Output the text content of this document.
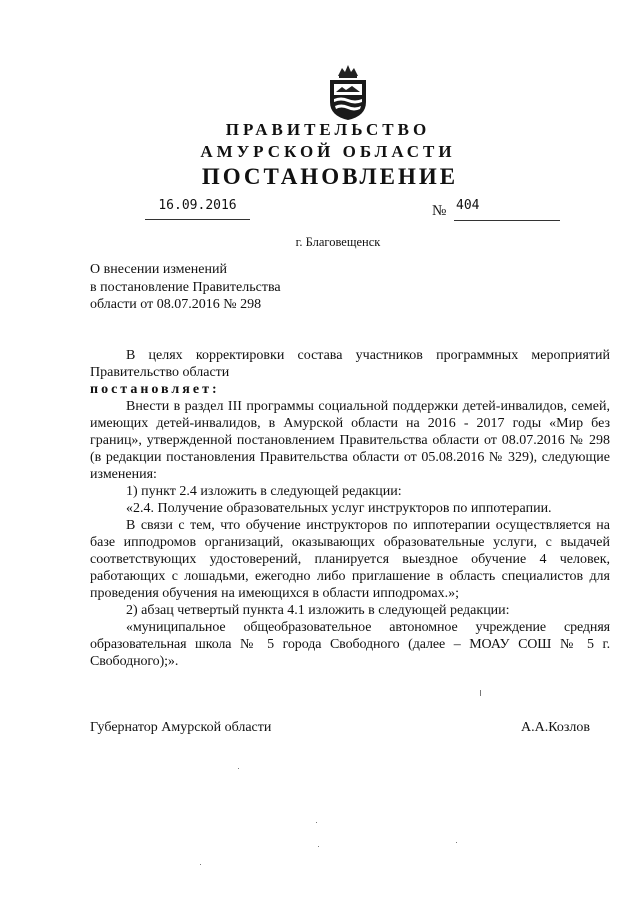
ПРАВИТЕЛЬСТВО
АМУРСКОЙ ОБЛАСТИ
ПОСТАНОВЛЕНИЕ
16.09.2016	№ 404
г. Благовещенск
О внесении изменений
в постановление Правительства
области от 08.07.2016 № 298

В целях корректировки состава участников программных мероприятий Правительство области

постановляет:

Внести в раздел III программы социальной поддержки детей-инвалидов, семей, имеющих детей-инвалидов, в Амурской области на 2016 - 2017 годы «Мир без границ», утвержденной постановлением Правительства области от 08.07.2016 № 298 (в редакции постановления Правительства области от 05.08.2016 № 329), следующие изменения:

1) пункт 2.4 изложить в следующей редакции:

«2.4. Получение образовательных услуг инструкторов по иппотерапии.

В связи с тем, что обучение инструкторов по иппотерапии осуществляется на базе ипподромов организаций, оказывающих образовательные услуги, с выдачей соответствующих удостоверений, планируется выездное обучение 4 человек, работающих с лошадьми, ежегодно либо приглашение в область специалистов для проведения обучения на имеющихся в области ипподромах.»;

2) абзац четвертый пункта 4.1 изложить в следующей редакции:

«муниципальное общеобразовательное автономное учреждение средняя образовательная школа № 5 города Свободного (далее – МОАУ СОШ № 5 г. Свободного);».

Губернатор Амурской области	А.А.Козлов
